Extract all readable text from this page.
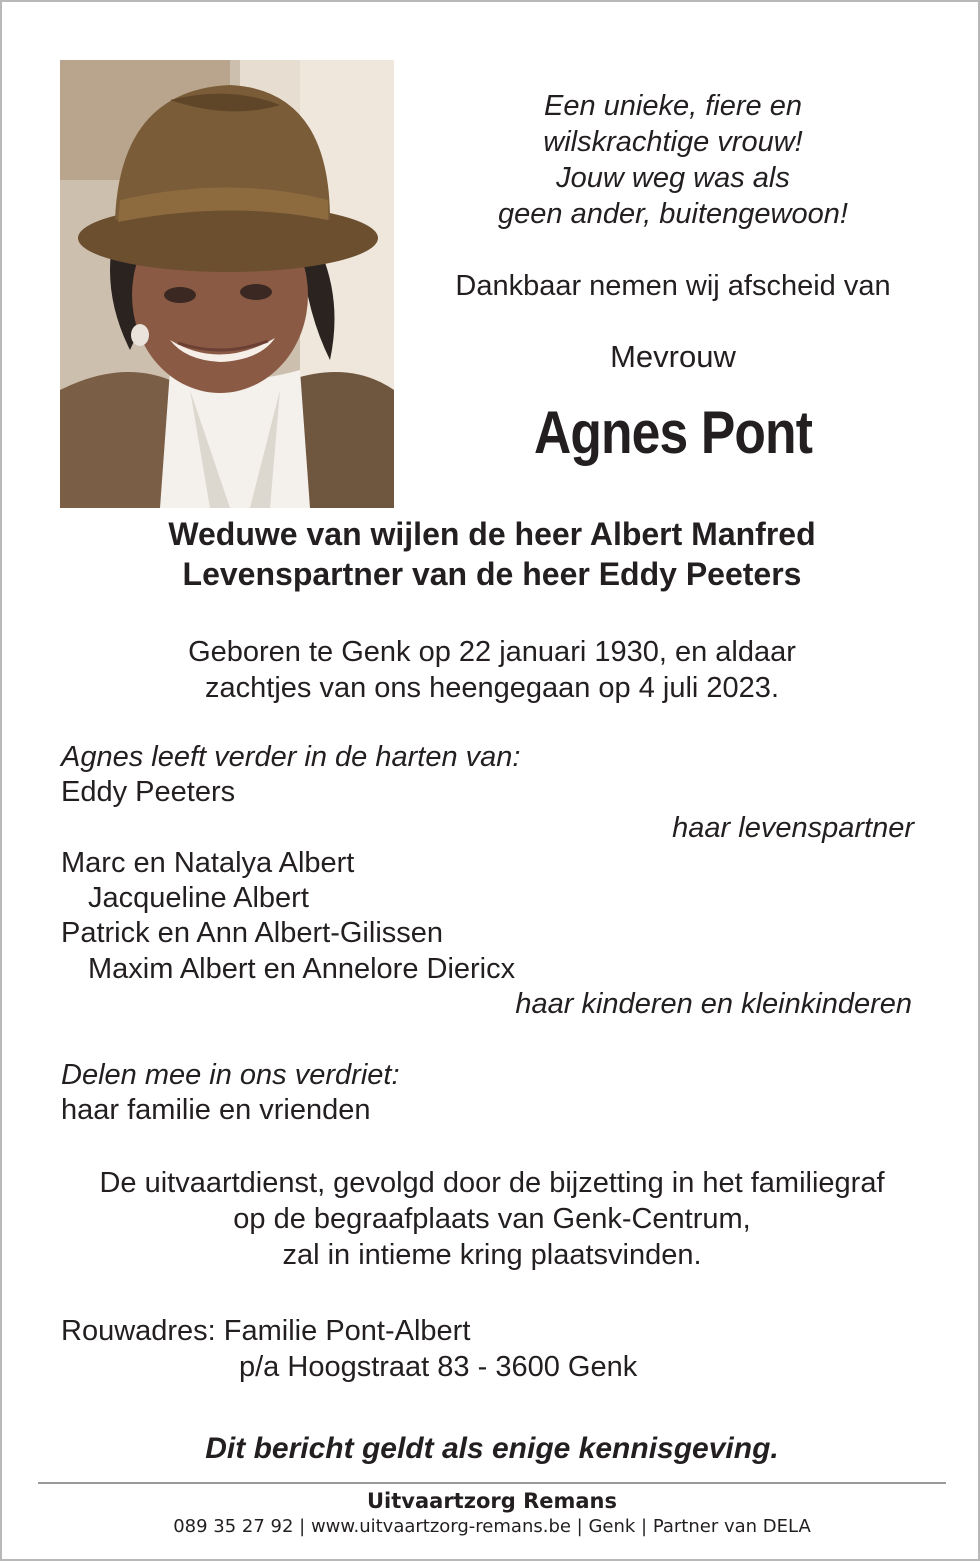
Een unieke, fiere en
wilskrachtige vrouw!
Jouw weg was als
geen ander, buitengewoon!
Dankbaar nemen wij afscheid van
Mevrouw
Agnes Pont
Weduwe van wijlen de heer Albert Manfred
Levenspartner van de heer Eddy Peeters
Geboren te Genk op 22 januari 1930, en aldaar
zachtjes van ons heengegaan op 4 juli 2023.
Agnes leeft verder in de harten van:
Eddy Peeters
haar levenspartner
Marc en Natalya Albert
Jacqueline Albert
Patrick en Ann Albert-Gilissen
Maxim Albert en Annelore Diericx
haar kinderen en kleinkinderen
Delen mee in ons verdriet:
haar familie en vrienden
De uitvaartdienst, gevolgd door de bijzetting in het familiegraf
op de begraafplaats van Genk-Centrum,
zal in intieme kring plaatsvinden.
Rouwadres: Familie Pont-Albert
p/a Hoogstraat 83 - 3600 Genk
Dit bericht geldt als enige kennisgeving.
Uitvaartzorg Remans
089 35 27 92 | www.uitvaartzorg-remans.be | Genk | Partner van DELA
